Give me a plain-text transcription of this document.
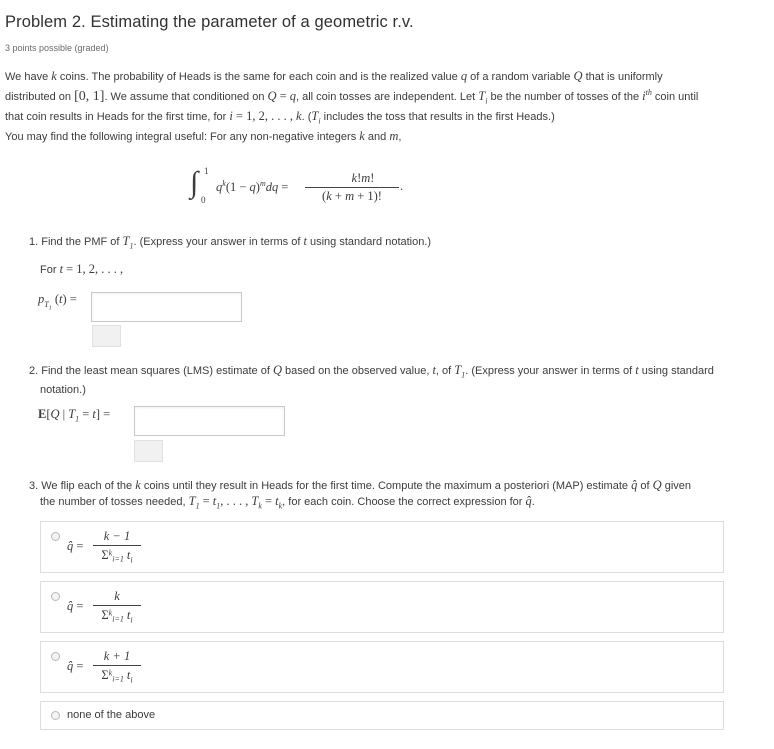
Problem 2. Estimating the parameter of a geometric r.v.
3 points possible (graded)
We have k coins. The probability of Heads is the same for each coin and is the realized value q of a random variable Q that is uniformly
distributed on [0, 1]. We assume that conditioned on Q = q, all coin tosses are independent. Let $T_i$ be the number of tosses of the $i^{th}$ coin until
that coin results in Heads for the first time, for i = 1, 2, . . . , k. ($T_i$ includes the toss that results in the first Heads.)
You may find the following integral useful: For any non-negative integers k and m,
∫ 1
0
$q^k(1 - q)^mdq$ =
k!m!
(k + m + 1)!
.
1. Find the PMF of $T_1$. (Express your answer in terms of t using standard notation.)
For t = 1, 2, . . . ,
$p_{T_1}$ (t) =
2. Find the least mean squares (LMS) estimate of Q based on the observed value, t, of $T_1$. (Express your answer in terms of t using standard
notation.)
E[Q | $T_1 = t$] =
3. We flip each of the k coins until they result in Heads for the first time. Compute the maximum a posteriori (MAP) estimate q̂ of Q given
the number of tosses needed, $T_1 = t_1$, . . . , $T_k = t_k$, for each coin. Choose the correct expression for q̂.
q̂ =
k − 1
$\Sigma^k_{i=1}$ $t_i$
q̂ =
k
$\Sigma^k_{i=1}$ $t_i$
q̂ =
k + 1
$\Sigma^k_{i=1}$ $t_i$
none of the above
